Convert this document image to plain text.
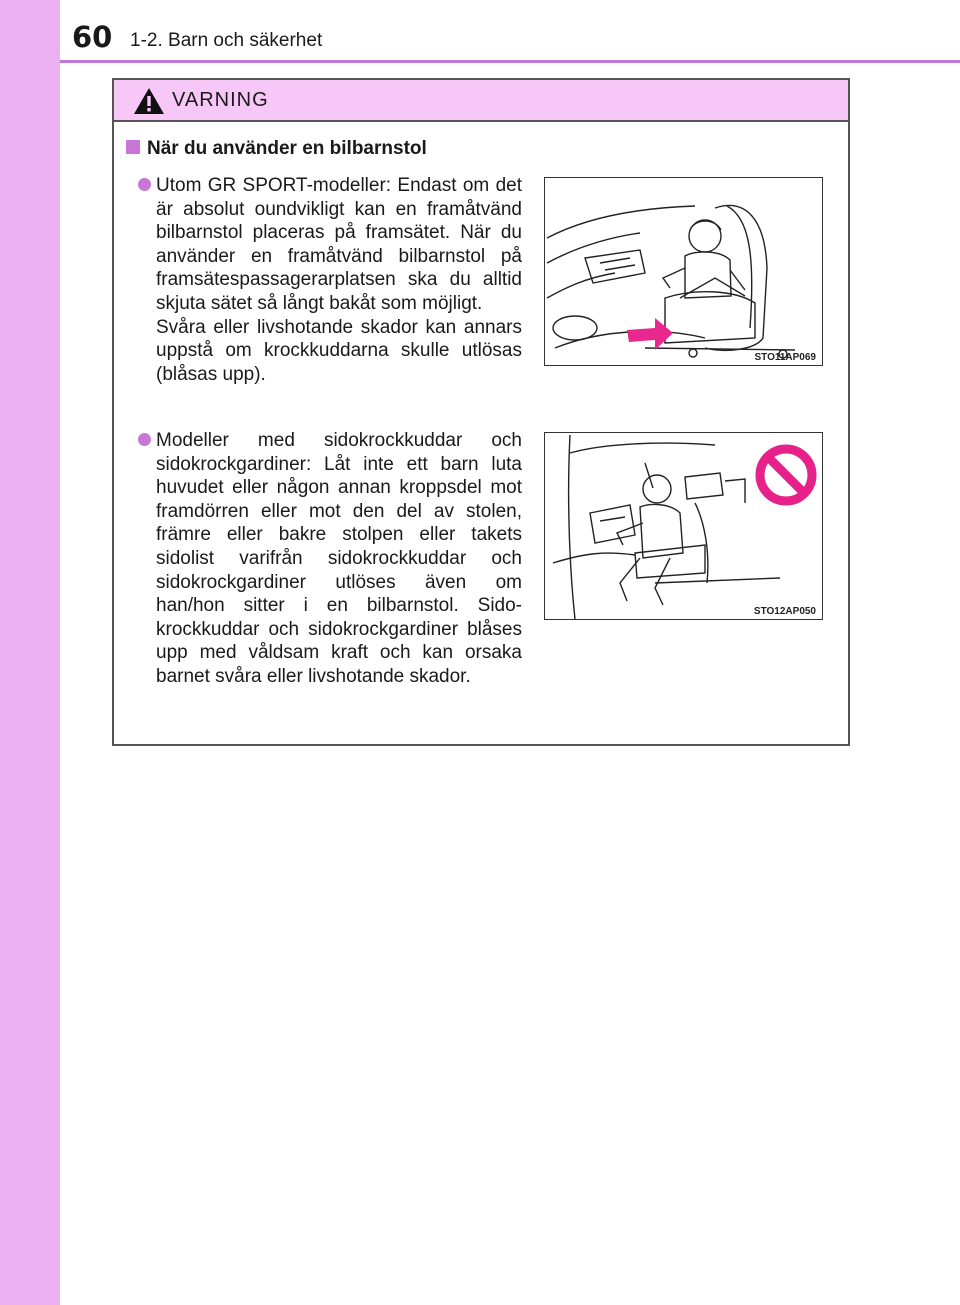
60 1-2. Barn och säkerhet
VARNING
När du använder en bilbarnstol
Utom GR SPORT-modeller: Endast om det är absolut oundvikligt kan en framåtvänd bilbarnstol placeras på framsätet. När du använder en framåtvänd bilbarnstol på framsätespassagerarplatsen ska du alltid skjuta sätet så långt bakåt som möjligt.
Svåra eller livshotande skador kan annars uppstå om krockkuddarna skulle utlösas (blåsas upp).
STO11AP069
Modeller med sidokrockkuddar och sidokrockgardiner: Låt inte ett barn luta huvudet eller någon annan kroppsdel mot framdörren eller mot den del av stolen, främre eller bakre stolpen eller takets sidolist varifrån sidokrockkuddar och sidokrockgardiner utlöses även om han/hon sitter i en bilbarnstol. Sidokrockkuddar och sidokrockgardiner blåses upp med våldsam kraft och kan orsaka barnet svåra eller livshotande skador.
STO12AP050
